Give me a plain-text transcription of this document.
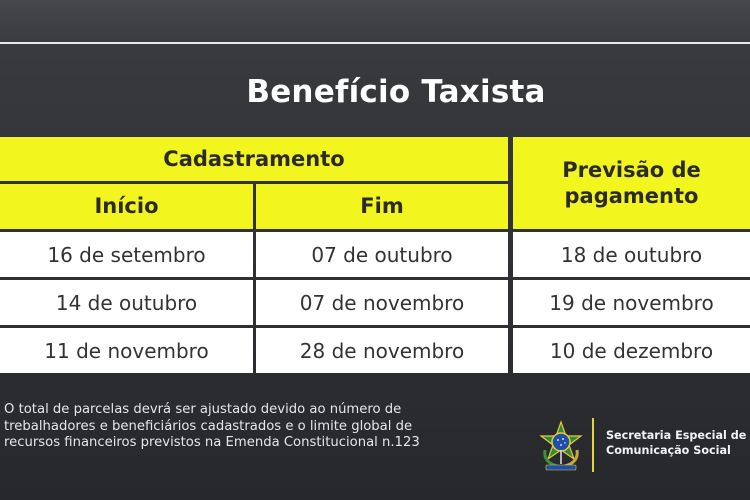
Benefício Taxista
Cadastramento	Previsão de pagamento
Início	Fim
16 de setembro	07 de outubro	18 de outubro
14 de outubro	07 de novembro	19 de novembro
11 de novembro	28 de novembro	10 de dezembro
O total de parcelas devrá ser ajustado devido ao número de trebalhadores e beneficiários cadastrados e o limite global de recursos financeiros previstos na Emenda Constitucional n.123	Secretaria Especial de Comunicação Social
